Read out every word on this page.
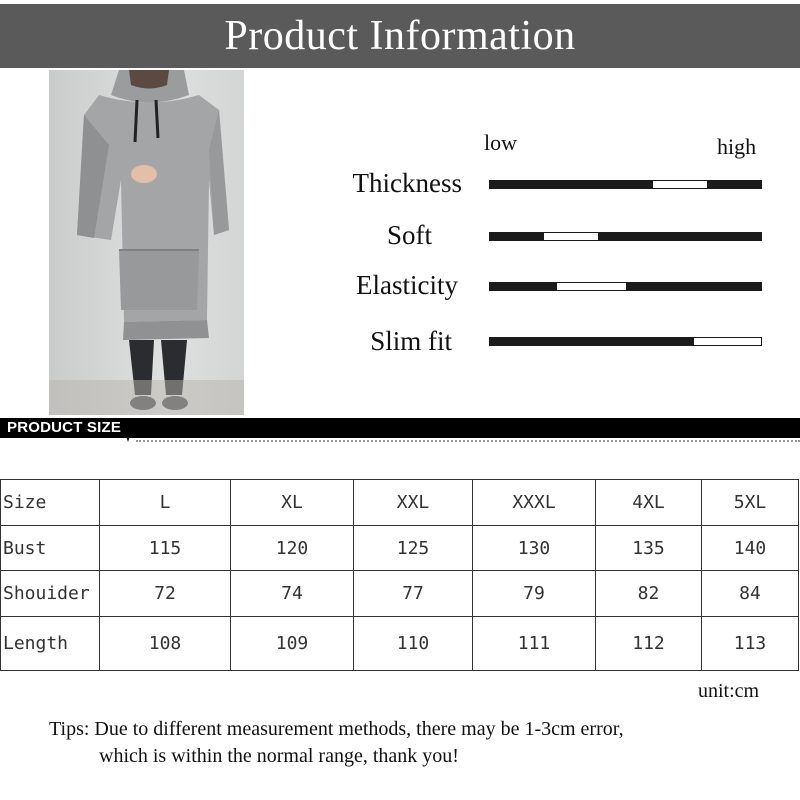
Product Information
low	high
Thickness
Soft
Elasticity
Slim fit
PRODUCT SIZE
Size	L	XL	XXL	XXXL	4XL	5XL
Bust	115	120	125	130	135	140
Shouider	72	74	77	79	82	84
Length	108	109	110	111	112	113
unit:cm
Tips: Due to different measurement methods, there may be 1-3cm error,
which is within the normal range, thank you!
